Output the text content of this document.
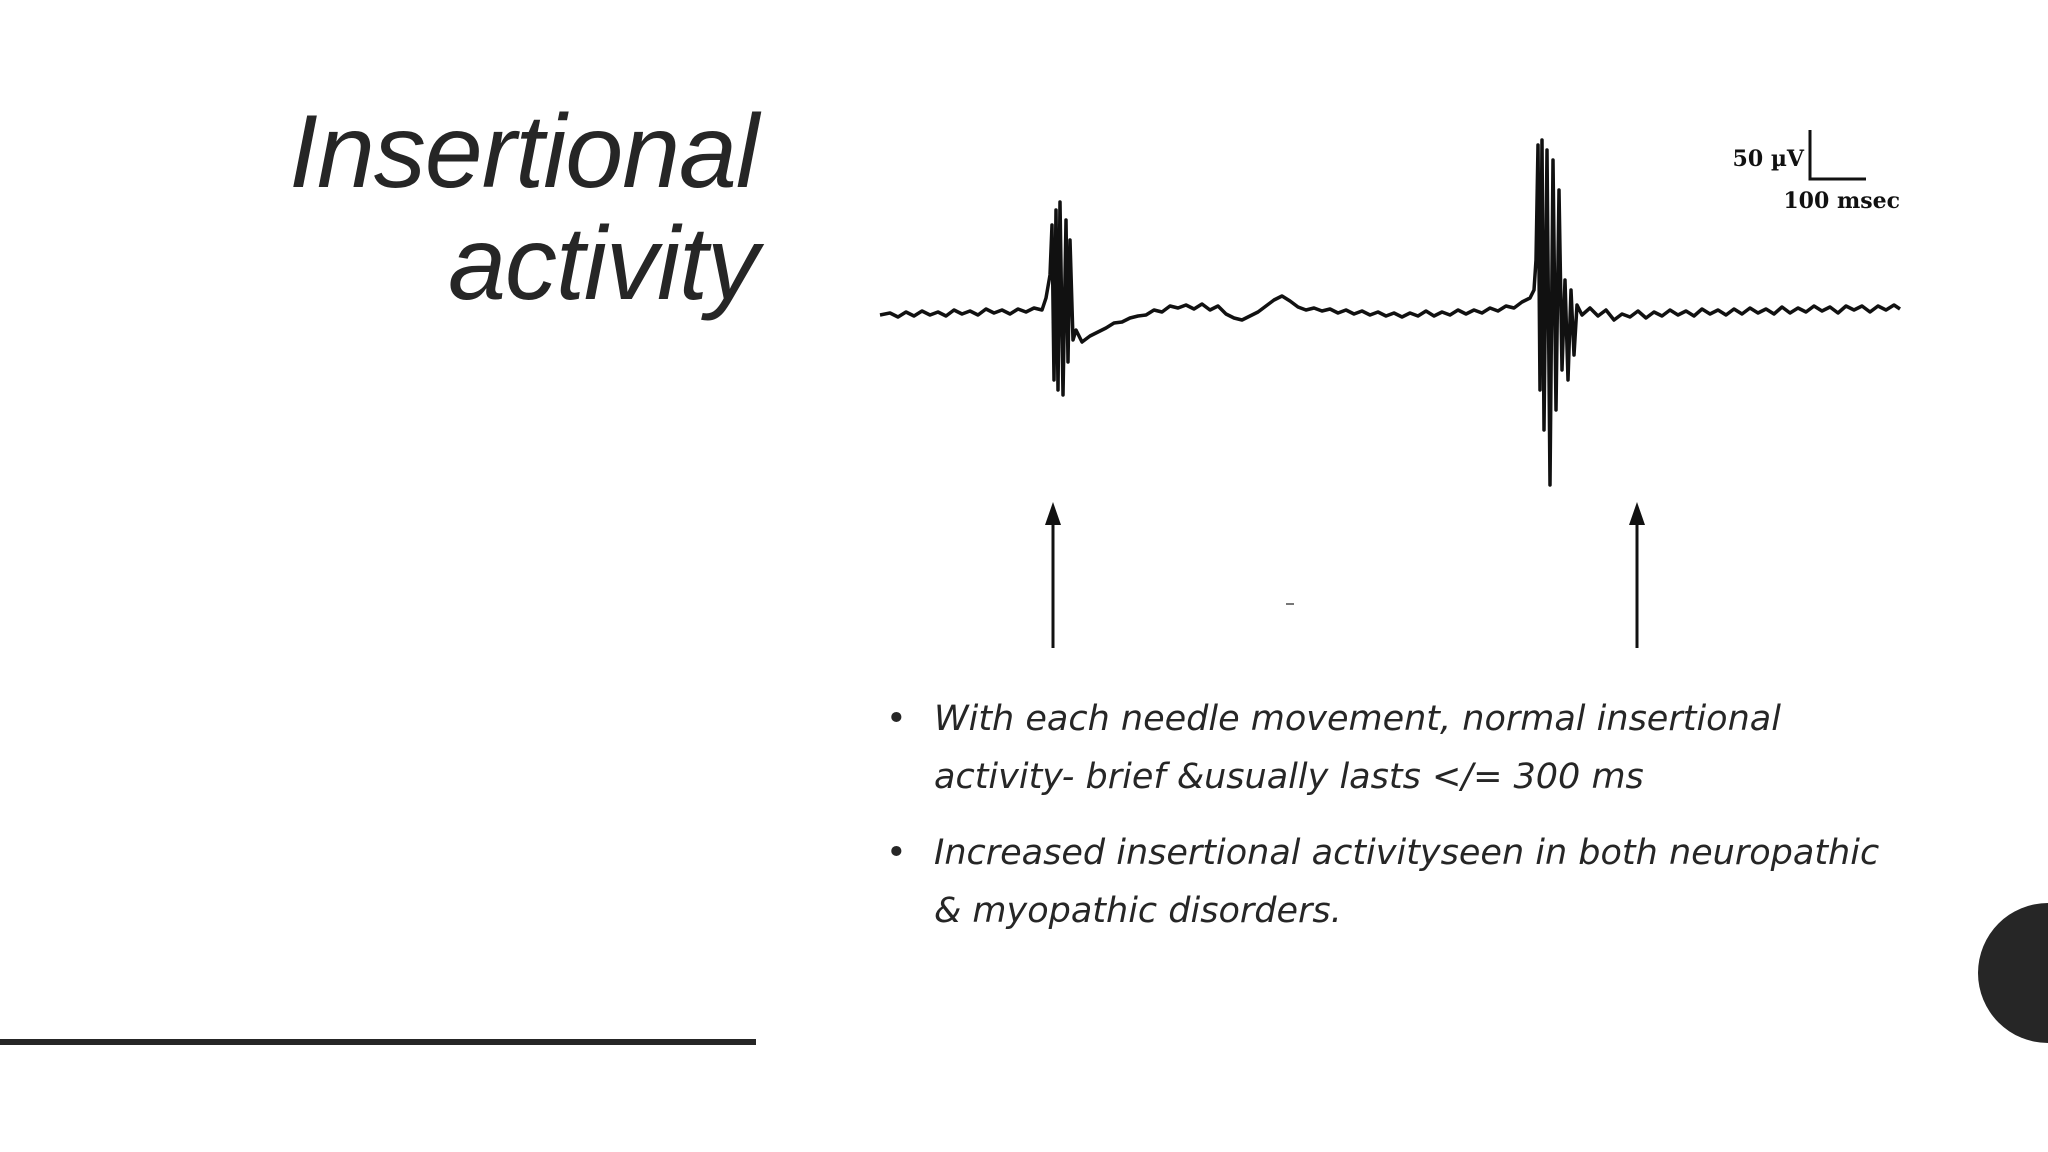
Insertional
activity
50 µV
100 msec
• With each needle movement, normal insertional activity- brief &usually lasts </= 300 ms
• Increased insertional activityseen in both neuropathic & myopathic disorders.
